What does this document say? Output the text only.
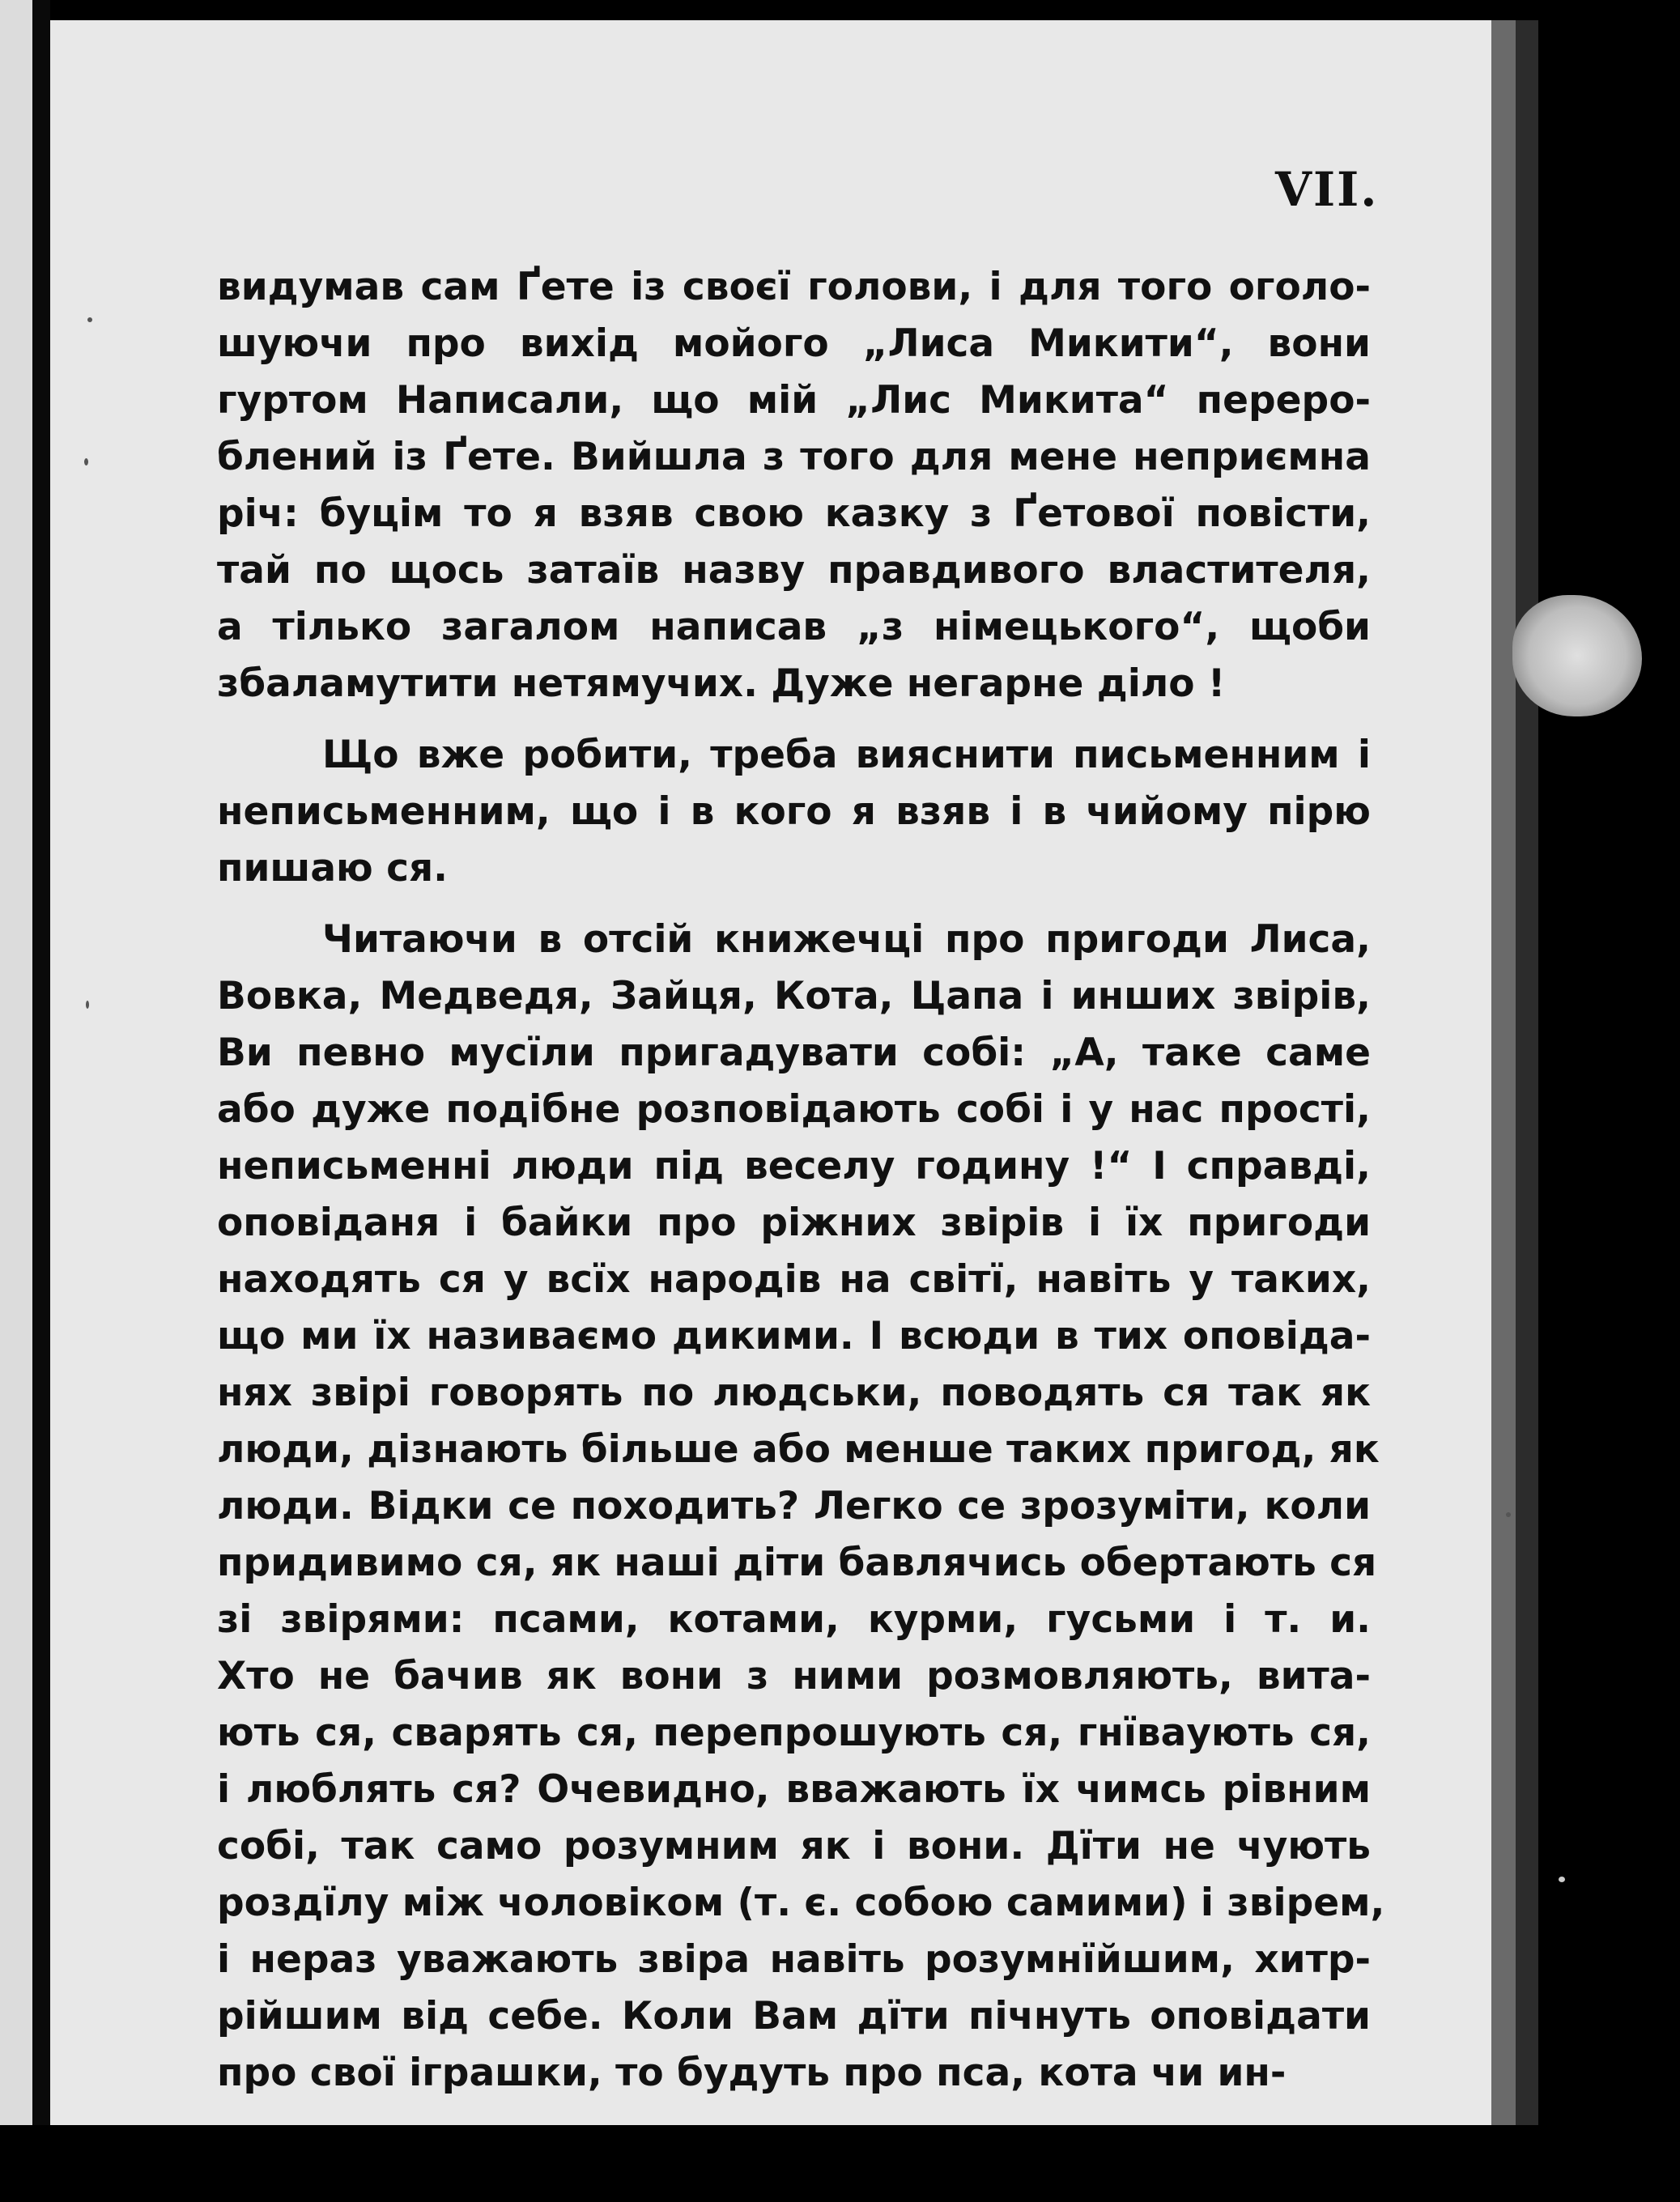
VII.
видумав сам Ґете із своєї голови, і для того оголо-
шуючи про вихід мойого „Лиса Микити“, вони
гуртом Написали, що мій „Лис Микита“ переро-
блений із Ґете. Вийшла з того для мене неприємна
річ: буцім то я взяв свою казку з Ґетової повісти,
тай по щось затаїв назву правдивого властителя,
а тілько загалом написав „з німецького“, щоби
збаламутити нетямучих. Дуже негарне діло !
Що вже робити, треба вияснити письменним і
неписьменним, що і в кого я взяв і в чийому пірю
пишаю ся.
Читаючи в отсій книжечці про пригоди Лиса,
Вовка, Медведя, Зайця, Кота, Цапа і инших звірів,
Ви певно мусїли пригадувати собі: „А, таке саме
або дуже подібне розповідають собі і у нас прості,
неписьменні люди під веселу годину !“ І справді,
оповіданя і байки про ріжних звірів і їх пригоди
находять ся у всїх народів на світї, навіть у таких,
що ми їх називаємо дикими. І всюди в тих оповіда-
нях звірі говорять по людськи, поводять ся так як
люди, дізнають більше або менше таких пригод, як
люди. Відки се походить? Легко се зрозуміти, коли
придивимо ся, як наші діти бавлячись обертають ся
зі звірями: псами, котами, курми, гусьми і т. и.
Хто не бачив як вони з ними розмовляють, вита-
ють ся, сварять ся, перепрошують ся, гнїваують ся,
і люблять ся? Очевидно, вважають їх чимсь рівним
собі, так само розумним як і вони. Дїти не чують
роздїлу між чоловіком (т. є. собою самими) і звірем,
і нераз уважають звіра навіть розумнїйшим, хитр-
рійшим від себе. Коли Вам дїти пічнуть оповідати
про свої іграшки, то будуть про пса, кота чи ин-
